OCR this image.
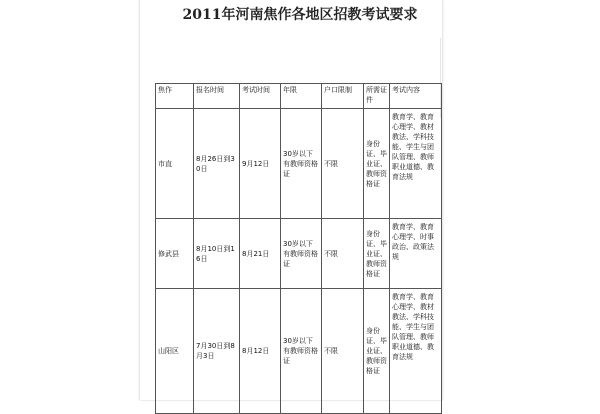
2011年河南焦作各地区招教考试要求
焦作	报名时间	考试时间	年限	户口限制	所需证件	考试内容
市直	8月26日到30日	9月12日	30岁以下有教师资格证	不限	身份证、毕业证、教师资格证	教育学、教育心理学、教材教法、学科技能、学生与团队管理、教师职业道德、教育法规
修武县	8月10日到16日	8月21日	30岁以下有教师资格证	不限	身份证、毕业证、教师资格证	教育学、教育心理学、时事政治、政策法规
山阳区	7月30日到8月3日	8月12日	30岁以下有教师资格证	不限	身份证、毕业证、教师资格证	教育学、教育心理学、教材教法、学科技能、学生与团队管理、教师职业道德、教育法规
